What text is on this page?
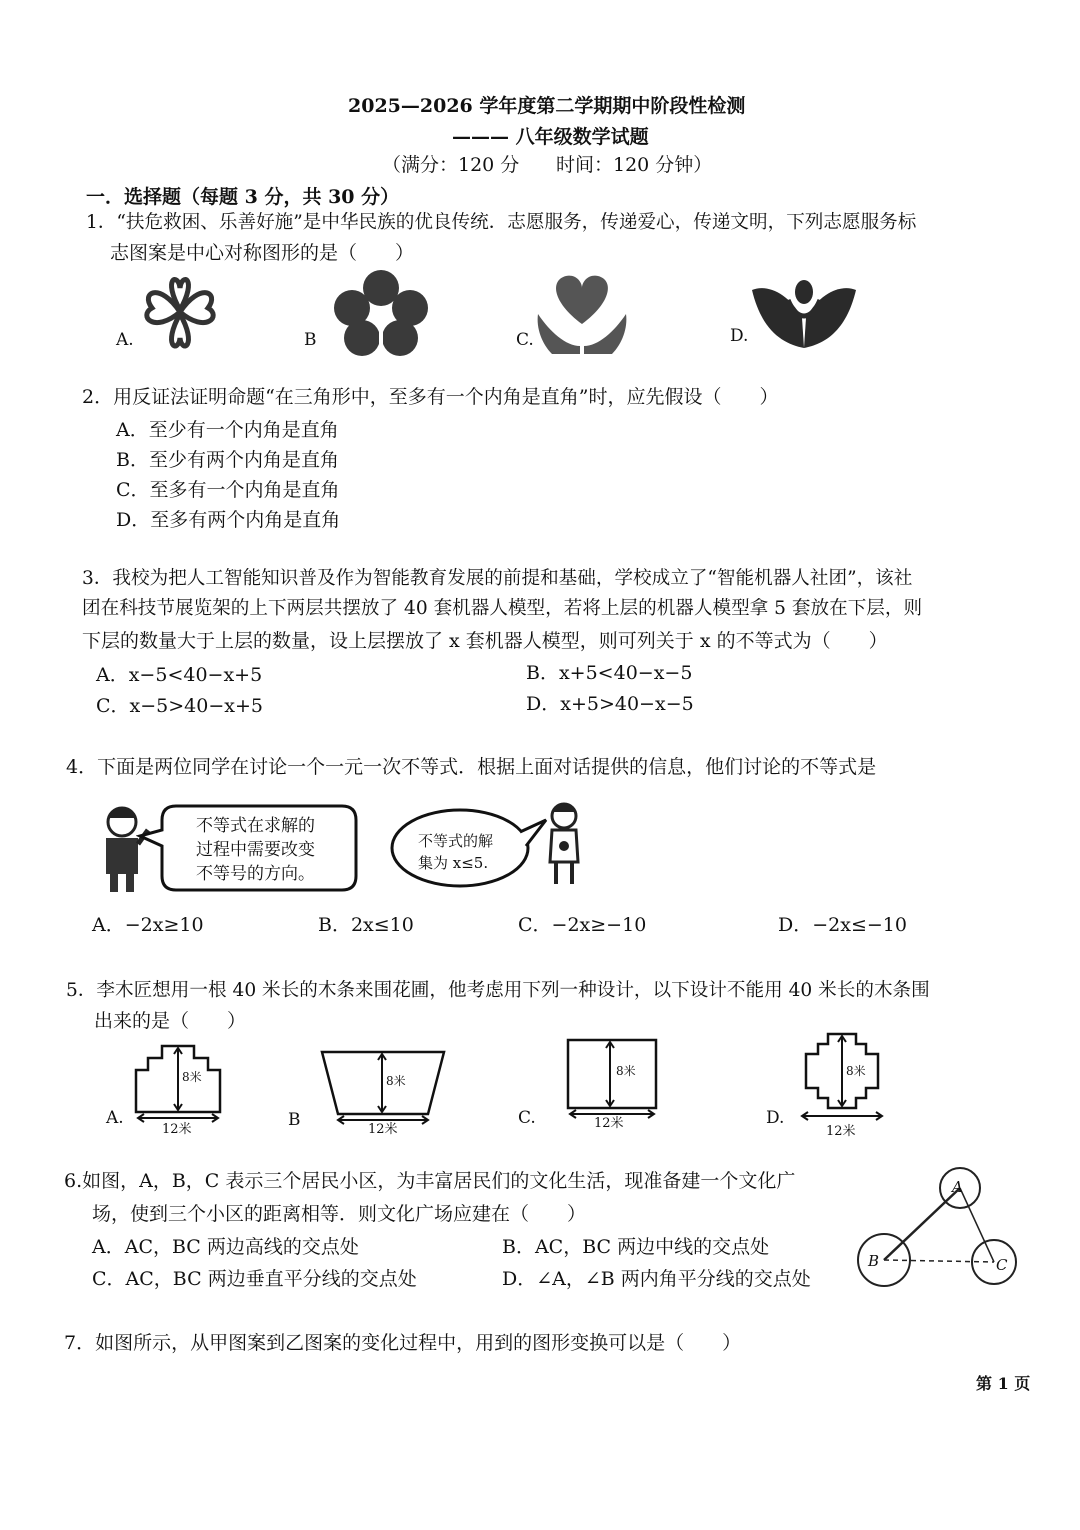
2025—2026 学年度第二学期期中阶段性检测
——— 八年级数学试题
（满分：120 分 时间：120 分钟）
一．选择题（每题 3 分，共 30 分）
1．“扶危救困、乐善好施”是中华民族的优良传统．志愿服务，传递爱心，传递文明，下列志愿服务标
志图案是中心对称图形的是（　　）
A.	B	C.	D.
2．用反证法证明命题“在三角形中，至多有一个内角是直角”时，应先假设（　　）
A．至少有一个内角是直角
B．至少有两个内角是直角
C．至多有一个内角是直角
D．至多有两个内角是直角
3．我校为把人工智能知识普及作为智能教育发展的前提和基础，学校成立了“智能机器人社团”，该社
团在科技节展览架的上下两层共摆放了 40 套机器人模型，若将上层的机器人模型拿 5 套放在下层，则
下层的数量大于上层的数量，设上层摆放了 x 套机器人模型，则可列关于 x 的不等式为（　　）
A．x−5<40−x+5	B．x+5<40−x−5
C．x−5>40−x+5	D．x+5>40−x−5
4．下面是两位同学在讨论一个一元一次不等式．根据上面对话提供的信息，他们讨论的不等式是
不等式在求解的
过程中需要改变
不等号的方向。
不等式的解
集为 x≤5.
A．−2x≥10	B．2x≤10	C．−2x≥−10	D．−2x≤−10
5．李木匠想用一根 40 米长的木条来围花圃，他考虑用下列一种设计，以下设计不能用 40 米长的木条围
出来的是（　　）
A.
8米
12米	B
8米
12米
C.
8米
12米	D.
8米
12米
6.如图，A，B，C 表示三个居民小区，为丰富居民们的文化生活，现准备建一个文化广
场，使到三个小区的距离相等．则文化广场应建在（　　）
A．AC，BC 两边高线的交点处	B．AC，BC 两边中线的交点处
C．AC，BC 两边垂直平分线的交点处	D．∠A，∠B 两内角平分线的交点处
A
B	C
7．如图所示，从甲图案到乙图案的变化过程中，用到的图形变换可以是（　　）
第 1 页
